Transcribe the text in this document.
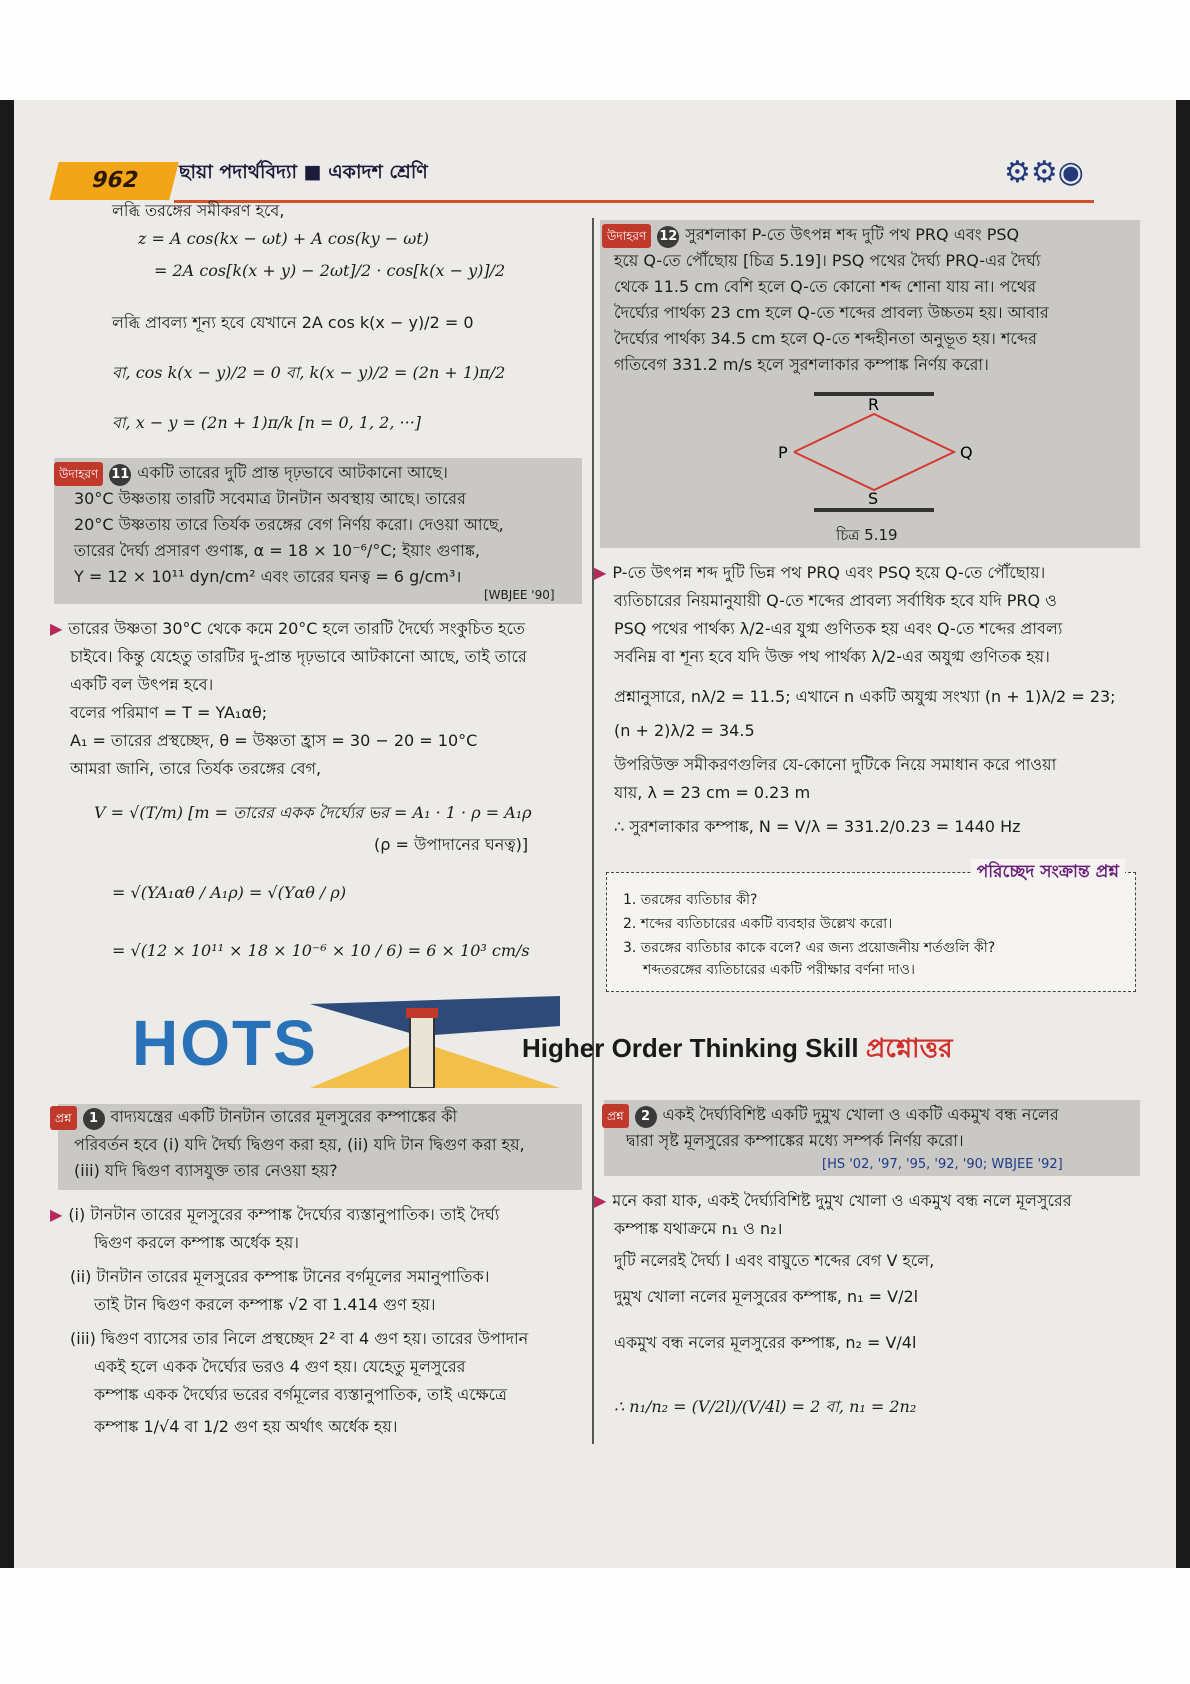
962	ছায়া পদার্থবিদ্যা ■ একাদশ শ্রেণি	⚙⚙◉
লব্ধি তরঙ্গের সমীকরণ হবে,
z = A cos(kx − ωt) + A cos(ky − ωt)
= 2A cos[k(x + y) − 2ωt]/2 · cos[k(x − y)]/2
লব্ধি প্রাবল্য শূন্য হবে যেখানে 2A cos k(x − y)/2 = 0
বা, cos k(x − y)/2 = 0 বা, k(x − y)/2 = (2n + 1)π/2
বা, x − y = (2n + 1)π/k [n = 0, 1, 2, ···]
উদাহরণ 11 একটি তারের দুটি প্রান্ত দৃঢ়ভাবে আটকানো আছে।
30°C উষ্ণতায় তারটি সবেমাত্র টানটান অবস্থায় আছে। তারের
20°C উষ্ণতায় তারে তির্যক তরঙ্গের বেগ নির্ণয় করো। দেওয়া আছে,
তারের দৈর্ঘ্য প্রসারণ গুণাঙ্ক, α = 18 × 10⁻⁶/°C; ইয়াং গুণাঙ্ক,
Y = 12 × 10¹¹ dyn/cm² এবং তারের ঘনত্ব = 6 g/cm³।
[WBJEE '90]
▶ তারের উষ্ণতা 30°C থেকে কমে 20°C হলে তারটি দৈর্ঘ্যে সংকুচিত হতে
চাইবে। কিন্তু যেহেতু তারটির দু-প্রান্ত দৃঢ়ভাবে আটকানো আছে, তাই তারে
একটি বল উৎপন্ন হবে।
বলের পরিমাণ = T = YA₁αθ;
A₁ = তারের প্রস্থচ্ছেদ, θ = উষ্ণতা হ্রাস = 30 − 20 = 10°C
আমরা জানি, তারে তির্যক তরঙ্গের বেগ,
V = √(T/m) [m = তারের একক দৈর্ঘ্যের ভর = A₁ · 1 · ρ = A₁ρ
(ρ = উপাদানের ঘনত্ব)]
= √(YA₁αθ / A₁ρ) = √(Yαθ / ρ)
= √(12 × 10¹¹ × 18 × 10⁻⁶ × 10 / 6) = 6 × 10³ cm/s
উদাহরণ 12 সুরশলাকা P-তে উৎপন্ন শব্দ দুটি পথ PRQ এবং PSQ
হয়ে Q-তে পৌঁছোয় [চিত্র 5.19]। PSQ পথের দৈর্ঘ্য PRQ-এর দৈর্ঘ্য
থেকে 11.5 cm বেশি হলে Q-তে কোনো শব্দ শোনা যায় না। পথের
দৈর্ঘ্যের পার্থক্য 23 cm হলে Q-তে শব্দের প্রাবল্য উচ্চতম হয়। আবার
দৈর্ঘ্যের পার্থক্য 34.5 cm হলে Q-তে শব্দহীনতা অনুভূত হয়। শব্দের
গতিবেগ 331.2 m/s হলে সুরশলাকার কম্পাঙ্ক নির্ণয় করো।
P	Q
R
S
চিত্র 5.19
▶ P-তে উৎপন্ন শব্দ দুটি ভিন্ন পথ PRQ এবং PSQ হয়ে Q-তে পৌঁছোয়।
ব্যতিচারের নিয়মানুযায়ী Q-তে শব্দের প্রাবল্য সর্বাধিক হবে যদি PRQ ও
PSQ পথের পার্থক্য λ/2-এর যুগ্ম গুণিতক হয় এবং Q-তে শব্দের প্রাবল্য
সর্বনিম্ন বা শূন্য হবে যদি উক্ত পথ পার্থক্য λ/2-এর অযুগ্ম গুণিতক হয়।
প্রশ্নানুসারে, nλ/2 = 11.5; এখানে n একটি অযুগ্ম সংখ্যা (n + 1)λ/2 = 23;
(n + 2)λ/2 = 34.5
উপরিউক্ত সমীকরণগুলির যে-কোনো দুটিকে নিয়ে সমাধান করে পাওয়া
যায়, λ = 23 cm = 0.23 m
∴ সুরশলাকার কম্পাঙ্ক, N = V/λ = 331.2/0.23 = 1440 Hz
পরিচ্ছেদ সংক্রান্ত প্রশ্ন
1. তরঙ্গের ব্যতিচার কী?
2. শব্দের ব্যতিচারের একটি ব্যবহার উল্লেখ করো।
3. তরঙ্গের ব্যতিচার কাকে বলে? এর জন্য প্রয়োজনীয় শর্তগুলি কী?
শব্দতরঙ্গের ব্যতিচারের একটি পরীক্ষার বর্ণনা দাও।
HOTS	Higher Order Thinking Skill প্রশ্নোত্তর
প্রশ্ন 1 বাদ্যযন্ত্রের একটি টানটান তারের মূলসুরের কম্পাঙ্কের কী
পরিবর্তন হবে (i) যদি দৈর্ঘ্য দ্বিগুণ করা হয়, (ii) যদি টান দ্বিগুণ করা হয়,
(iii) যদি দ্বিগুণ ব্যাসযুক্ত তার নেওয়া হয়?
▶ (i) টানটান তারের মূলসুরের কম্পাঙ্ক দৈর্ঘ্যের ব্যস্তানুপাতিক। তাই দৈর্ঘ্য
দ্বিগুণ করলে কম্পাঙ্ক অর্ধেক হয়।
(ii) টানটান তারের মূলসুরের কম্পাঙ্ক টানের বর্গমূলের সমানুপাতিক।
তাই টান দ্বিগুণ করলে কম্পাঙ্ক √2 বা 1.414 গুণ হয়।
(iii) দ্বিগুণ ব্যাসের তার নিলে প্রস্থচ্ছেদ 2² বা 4 গুণ হয়। তারের উপাদান
একই হলে একক দৈর্ঘ্যের ভরও 4 গুণ হয়। যেহেতু মূলসুরের
কম্পাঙ্ক একক দৈর্ঘ্যের ভরের বর্গমূলের ব্যস্তানুপাতিক, তাই এক্ষেত্রে
কম্পাঙ্ক 1/√4 বা 1/2 গুণ হয় অর্থাৎ অর্ধেক হয়।
প্রশ্ন 2 একই দৈর্ঘ্যবিশিষ্ট একটি দুমুখ খোলা ও একটি একমুখ বন্ধ নলের
দ্বারা সৃষ্ট মূলসুরের কম্পাঙ্কের মধ্যে সম্পর্ক নির্ণয় করো।
[HS '02, '97, '95, '92, '90; WBJEE '92]
▶ মনে করা যাক, একই দৈর্ঘ্যবিশিষ্ট দুমুখ খোলা ও একমুখ বন্ধ নলে মূলসুরের
কম্পাঙ্ক যথাক্রমে n₁ ও n₂।
দুটি নলেরই দৈর্ঘ্য l এবং বায়ুতে শব্দের বেগ V হলে,
দুমুখ খোলা নলের মূলসুরের কম্পাঙ্ক, n₁ = V/2l
একমুখ বন্ধ নলের মূলসুরের কম্পাঙ্ক, n₂ = V/4l
∴ n₁/n₂ = (V/2l)/(V/4l) = 2 বা, n₁ = 2n₂
